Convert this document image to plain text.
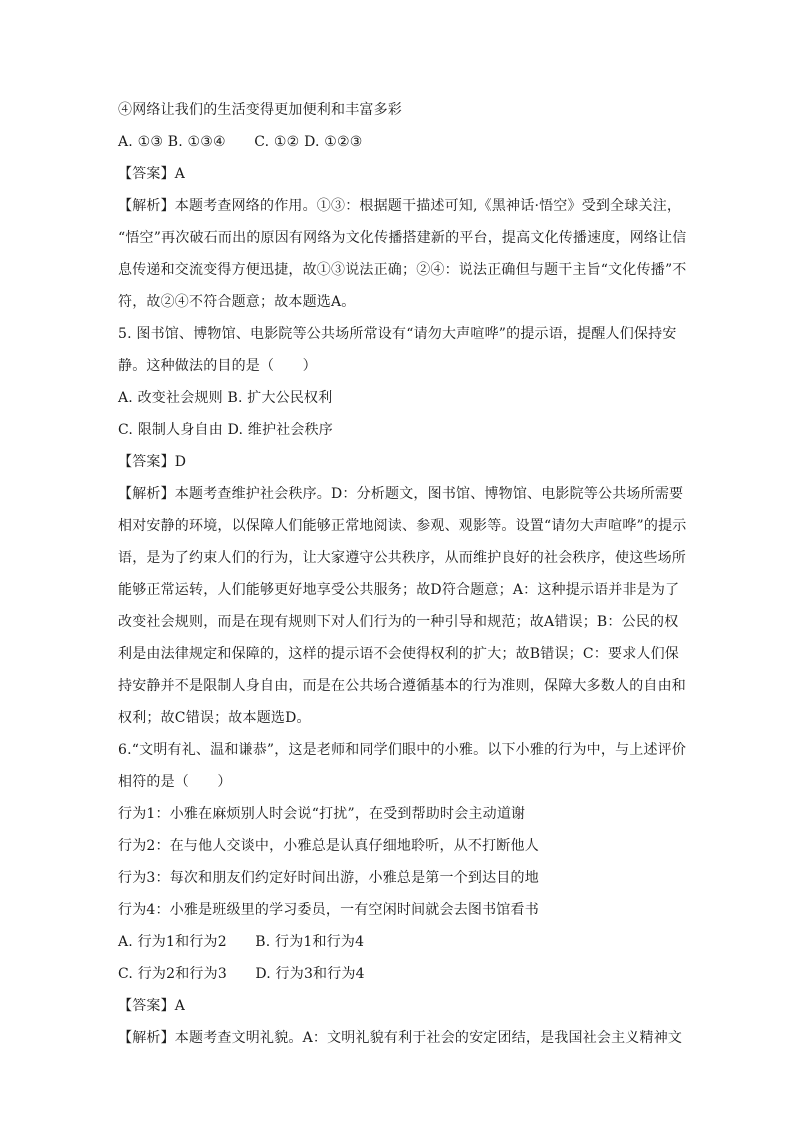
④网络让我们的生活变得更加便利和丰富多彩
A. ①③ B. ①③④　　C. ①② D. ①②③
【答案】A
【解析】本题考查网络的作用。①③：根据题干描述可知,《黑神话·悟空》受到全球关注，
“悟空”再次破石而出的原因有网络为文化传播搭建新的平台，提高文化传播速度，网络让信
息传递和交流变得方便迅捷，故①③说法正确；②④：说法正确但与题干主旨“文化传播”不
符，故②④不符合题意；故本题选A。
5. 图书馆、博物馆、电影院等公共场所常设有“请勿大声喧哗”的提示语，提醒人们保持安
静。这种做法的目的是（　　）
A. 改变社会规则 B. 扩大公民权利
C. 限制人身自由 D. 维护社会秩序
【答案】D
【解析】本题考查维护社会秩序。D：分析题文，图书馆、博物馆、电影院等公共场所需要
相对安静的环境，以保障人们能够正常地阅读、参观、观影等。设置“请勿大声喧哗”的提示
语，是为了约束人们的行为，让大家遵守公共秩序，从而维护良好的社会秩序，使这些场所
能够正常运转，人们能够更好地享受公共服务；故D符合题意；A：这种提示语并非是为了
改变社会规则，而是在现有规则下对人们行为的一种引导和规范；故A错误；B：公民的权
利是由法律规定和保障的，这样的提示语不会使得权利的扩大；故B错误；C：要求人们保
持安静并不是限制人身自由，而是在公共场合遵循基本的行为准则，保障大多数人的自由和
权利；故C错误；故本题选D。
6.“文明有礼、温和谦恭”，这是老师和同学们眼中的小雅。以下小雅的行为中，与上述评价
相符的是（　　）
行为1：小雅在麻烦别人时会说“打扰”，在受到帮助时会主动道谢
行为2：在与他人交谈中，小雅总是认真仔细地聆听，从不打断他人
行为3：每次和朋友们约定好时间出游，小雅总是第一个到达目的地
行为4：小雅是班级里的学习委员，一有空闲时间就会去图书馆看书
A. 行为1和行为2　　B. 行为1和行为4
C. 行为2和行为3　　D. 行为3和行为4
【答案】A
【解析】本题考查文明礼貌。A：文明礼貌有利于社会的安定团结，是我国社会主义精神文
